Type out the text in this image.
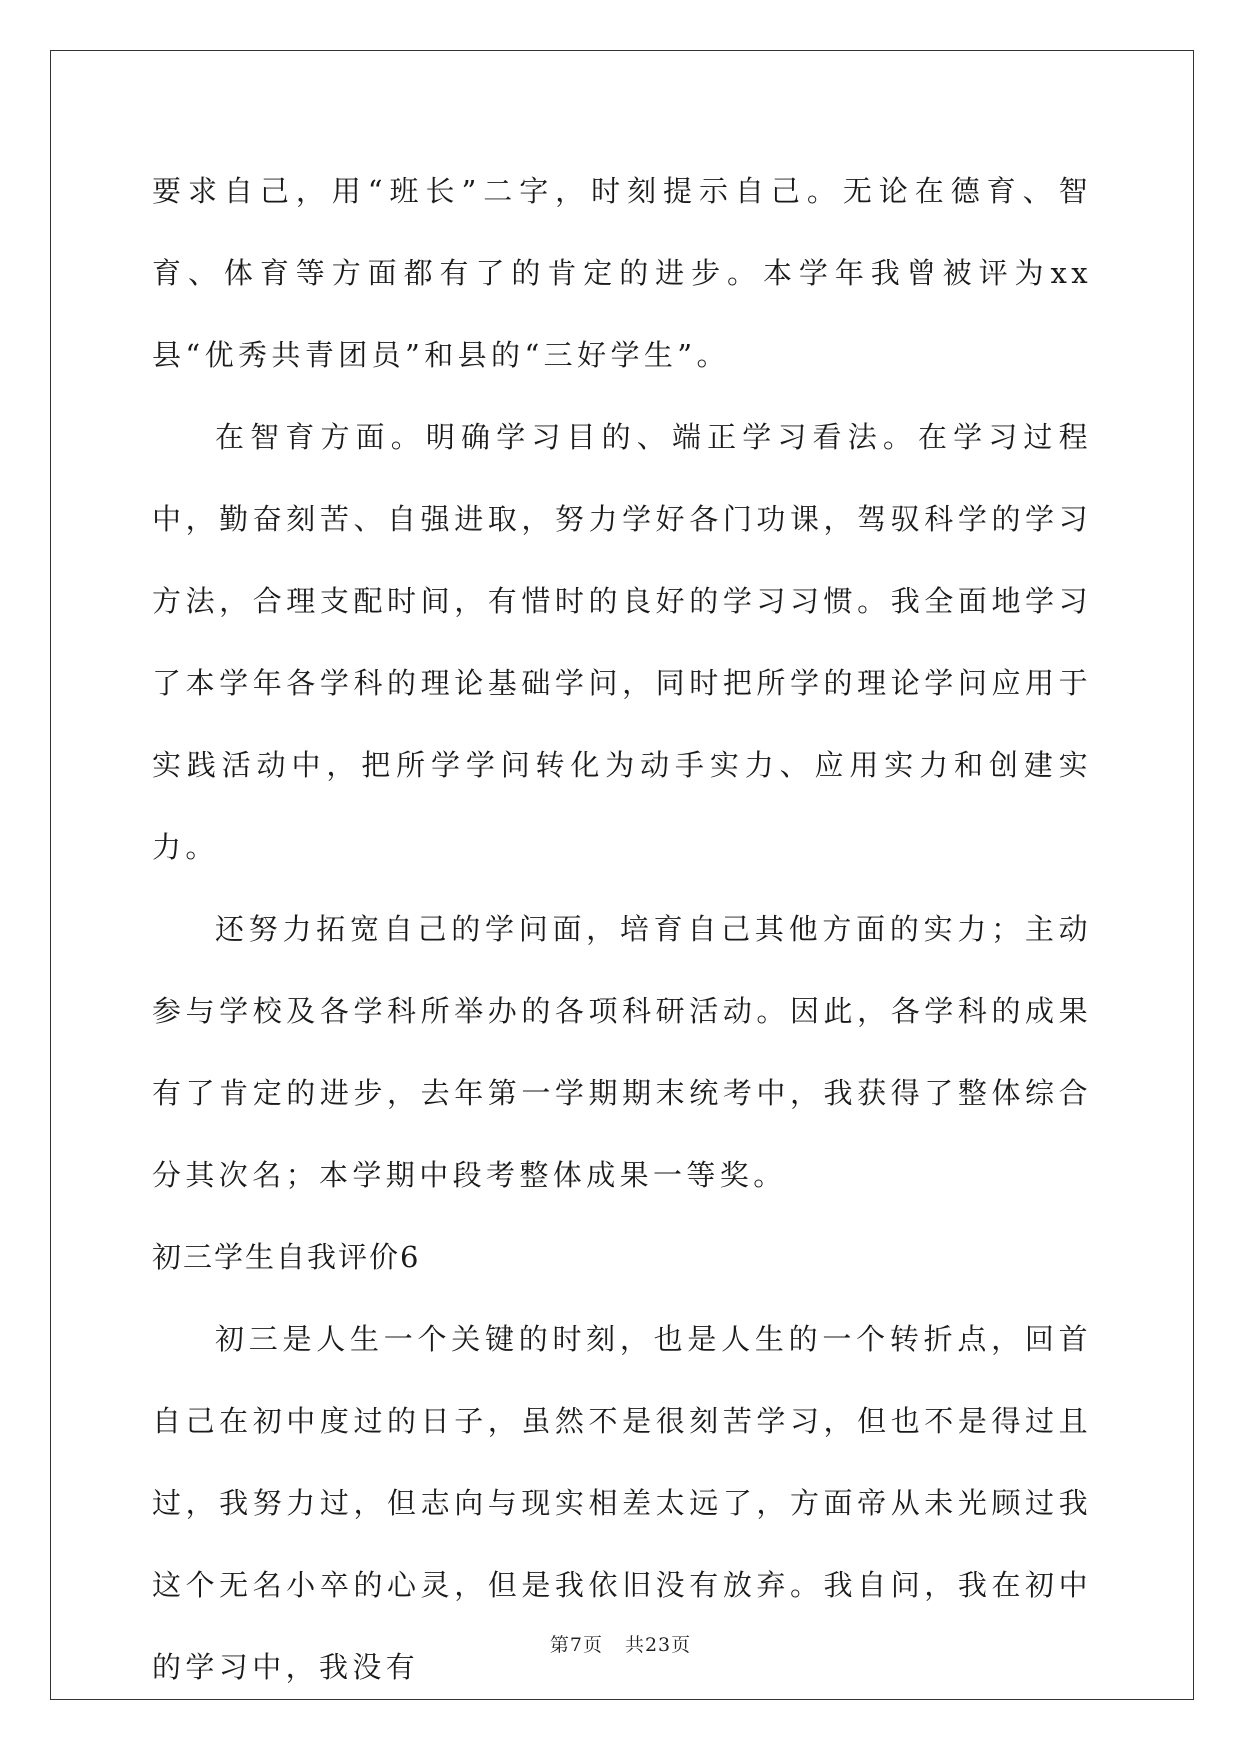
要求自己，用“班长”二字，时刻提示自己。无论在德育、智育、体育等方面都有了的肯定的进步。本学年我曾被评为xx县“优秀共青团员”和县的“三好学生”。

在智育方面。明确学习目的、端正学习看法。在学习过程中，勤奋刻苦、自强进取，努力学好各门功课，驾驭科学的学习方法，合理支配时间，有惜时的良好的学习习惯。我全面地学习了本学年各学科的理论基础学问，同时把所学的理论学问应用于实践活动中，把所学学问转化为动手实力、应用实力和创建实力。

还努力拓宽自己的学问面，培育自己其他方面的实力；主动参与学校及各学科所举办的各项科研活动。因此，各学科的成果有了肯定的进步，去年第一学期期末统考中，我获得了整体综合分其次名；本学期中段考整体成果一等奖。

初三学生自我评价6

初三是人生一个关键的时刻，也是人生的一个转折点，回首自己在初中度过的日子，虽然不是很刻苦学习，但也不是得过且过，我努力过，但志向与现实相差太远了，方面帝从未光顾过我这个无名小卒的心灵，但是我依旧没有放弃。我自问，我在初中的学习中，我没有

第7页 共23页
